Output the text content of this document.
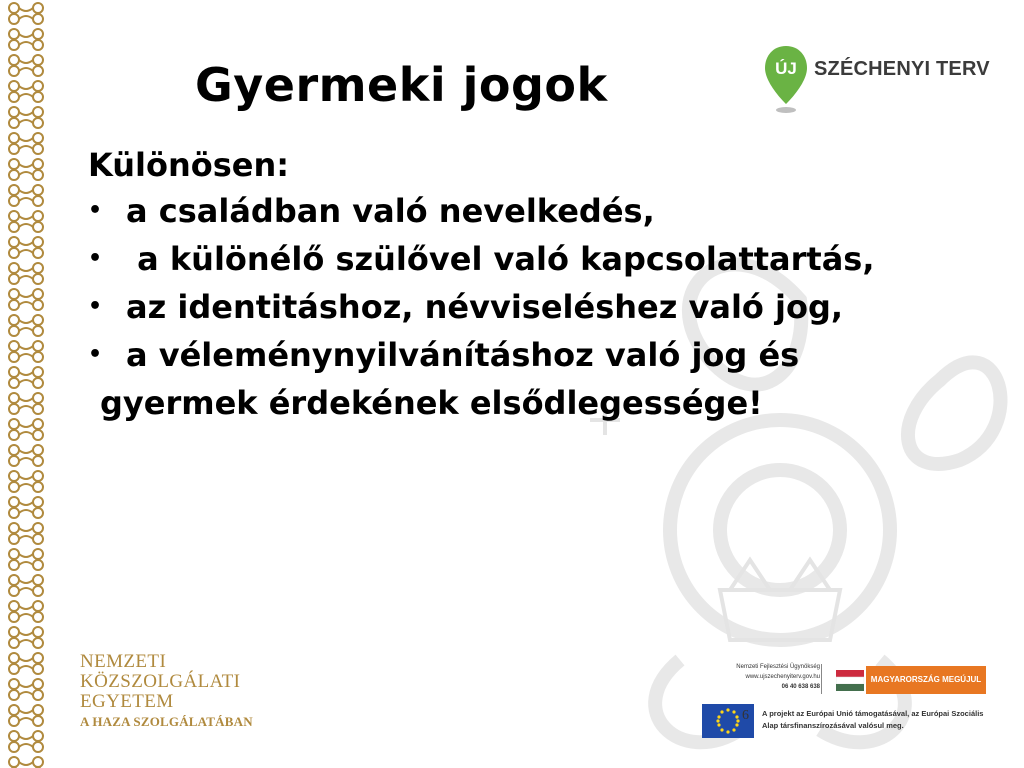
Gyermeki jogok	ÚJ SZÉCHENYI TERV
Különösen:
• a családban való nevelkedés,
• a különélő szülővel való kapcsolattartás,
• az identitáshoz, névviseléshez való jog,
• a véleménynyilvánításhoz való jog és
gyermek érdekének elsődlegessége!
NEMZETI
KÖZSZOLGÁLATI
EGYETEM
A HAZA SZOLGÁLATÁBAN
Nemzeti Fejlesztési Ügynökség
www.ujszechenyiterv.gov.hu
06 40 638 638
MAGYARORSZÁG MEGÚJUL
6 A projekt az Európai Unió támogatásával, az Európai Szociális Alap társfinanszírozásával valósul meg.
